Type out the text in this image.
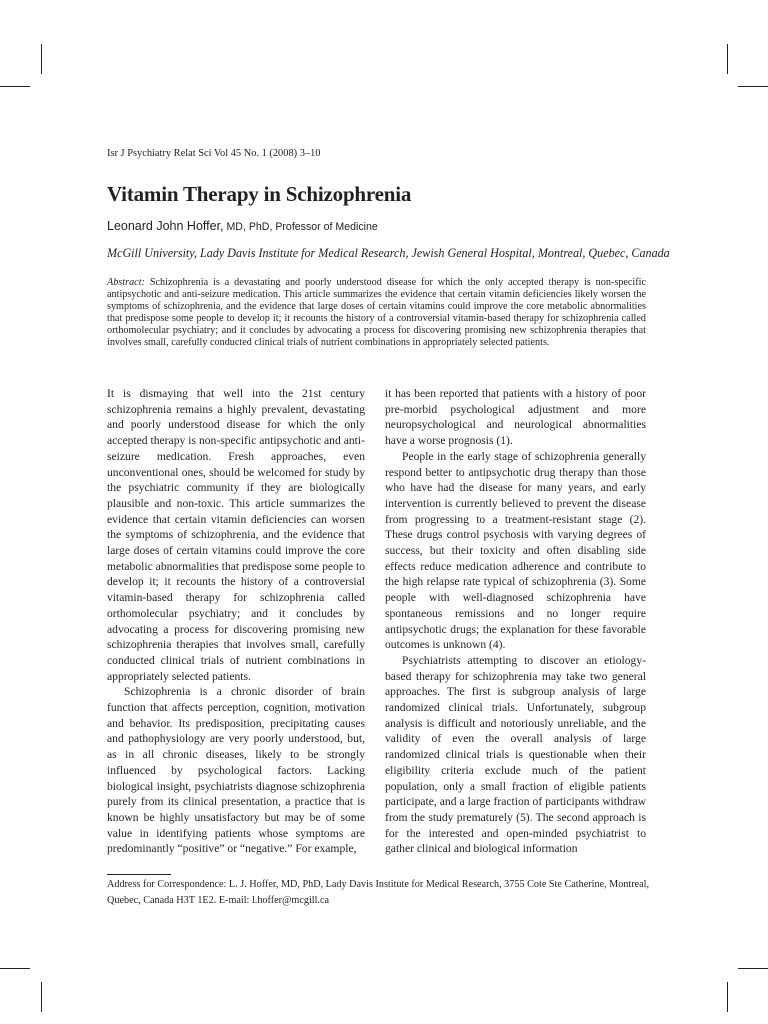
Isr J Psychiatry Relat Sci Vol 45 No. 1 (2008) 3–10
Vitamin Therapy in Schizophrenia
Leonard John Hoffer, MD, PhD, Professor of Medicine
McGill University, Lady Davis Institute for Medical Research, Jewish General Hospital, Montreal, Quebec, Canada
Abstract: Schizophrenia is a devastating and poorly understood disease for which the only accepted therapy is non-specific antipsychotic and anti-seizure medication. This article summarizes the evidence that certain vitamin deficiencies likely worsen the symptoms of schizophrenia, and the evidence that large doses of certain vitamins could improve the core metabolic abnormalities that predispose some people to develop it; it recounts the history of a controversial vitamin-based therapy for schizophrenia called orthomolecular psychiatry; and it concludes by advocating a process for discovering promising new schizophrenia therapies that involves small, carefully conducted clinical trials of nutrient combinations in appropriately selected patients.

It is dismaying that well into the 21st century schizophrenia remains a highly prevalent, devastating and poorly understood disease for which the only accepted therapy is non-specific antipsychotic and anti-seizure medication. Fresh approaches, even unconventional ones, should be welcomed for study by the psychiatric community if they are biologically plausible and non-toxic. This article summarizes the evidence that certain vitamin deficiencies can worsen the symptoms of schizophrenia, and the evidence that large doses of certain vitamins could improve the core metabolic abnormalities that predispose some people to develop it; it recounts the history of a controversial vitamin-based therapy for schizophrenia called orthomolecular psychiatry; and it concludes by advocating a process for discovering promising new schizophrenia therapies that involves small, carefully conducted clinical trials of nutrient combinations in appropriately selected patients.

Schizophrenia is a chronic disorder of brain function that affects perception, cognition, motivation and behavior. Its predisposition, precipitating causes and pathophysiology are very poorly understood, but, as in all chronic diseases, likely to be strongly influenced by psychological factors. Lacking biological insight, psychiatrists diagnose schizophrenia purely from its clinical presentation, a practice that is known be highly unsatisfactory but may be of some value in identifying patients whose symptoms are predominantly “positive” or “negative.” For example,

it has been reported that patients with a history of poor pre-morbid psychological adjustment and more neuropsychological and neurological abnormalities have a worse prognosis (1).

People in the early stage of schizophrenia generally respond better to antipsychotic drug therapy than those who have had the disease for many years, and early intervention is currently believed to prevent the disease from progressing to a treatment-resistant stage (2). These drugs control psychosis with varying degrees of success, but their toxicity and often disabling side effects reduce medication adherence and contribute to the high relapse rate typical of schizophrenia (3). Some people with well-diagnosed schizophrenia have spontaneous remissions and no longer require antipsychotic drugs; the explanation for these favorable outcomes is unknown (4).

Psychiatrists attempting to discover an etiology-based therapy for schizophrenia may take two general approaches. The first is subgroup analysis of large randomized clinical trials. Unfortunately, subgroup analysis is difficult and notoriously unreliable, and the validity of even the overall analysis of large randomized clinical trials is questionable when their eligibility criteria exclude much of the patient population, only a small fraction of eligible patients participate, and a large fraction of participants withdraw from the study prematurely (5). The second approach is for the interested and open-minded psychiatrist to gather clinical and biological information

Address for Correspondence: L. J. Hoffer, MD, PhD, Lady Davis Institute for Medical Research, 3755 Cote Ste Catherine, Montreal, Quebec, Canada H3T 1E2. E-mail: l.hoffer@mcgill.ca
